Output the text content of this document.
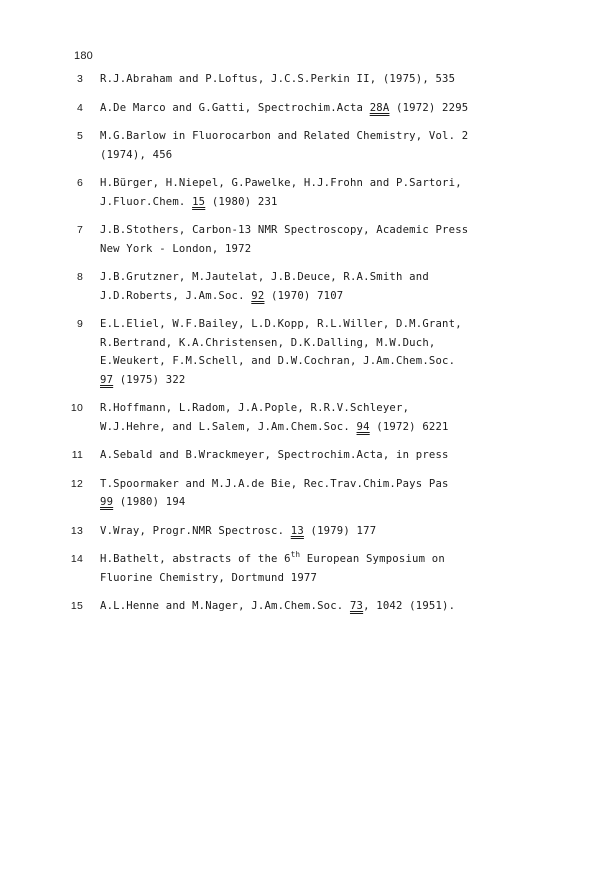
180
3	R.J.Abraham and P.Loftus, J.C.S.Perkin II, (1975), 535
4	A.De Marco and G.Gatti, Spectrochim.Acta 28A (1972) 2295
5	M.G.Barlow in Fluorocarbon and Related Chemistry, Vol. 2
(1974), 456
6	H.Bürger, H.Niepel, G.Pawelke, H.J.Frohn and P.Sartori,
J.Fluor.Chem. 15 (1980) 231
7	J.B.Stothers, Carbon-13 NMR Spectroscopy, Academic Press
New York - London, 1972
8	J.B.Grutzner, M.Jautelat, J.B.Deuce, R.A.Smith and
J.D.Roberts, J.Am.Soc. 92 (1970) 7107
9	E.L.Eliel, W.F.Bailey, L.D.Kopp, R.L.Willer, D.M.Grant,
R.Bertrand, K.A.Christensen, D.K.Dalling, M.W.Duch,
E.Weukert, F.M.Schell, and D.W.Cochran, J.Am.Chem.Soc.
97 (1975) 322
10	R.Hoffmann, L.Radom, J.A.Pople, R.R.V.Schleyer,
W.J.Hehre, and L.Salem, J.Am.Chem.Soc. 94 (1972) 6221
11	A.Sebald and B.Wrackmeyer, Spectrochim.Acta, in press
12	T.Spoormaker and M.J.A.de Bie, Rec.Trav.Chim.Pays Pas
99 (1980) 194
13	V.Wray, Progr.NMR Spectrosc. 13 (1979) 177
14	H.Bathelt, abstracts of the 6th European Symposium on
Fluorine Chemistry, Dortmund 1977
15	A.L.Henne and M.Nager, J.Am.Chem.Soc. 73, 1042 (1951).
